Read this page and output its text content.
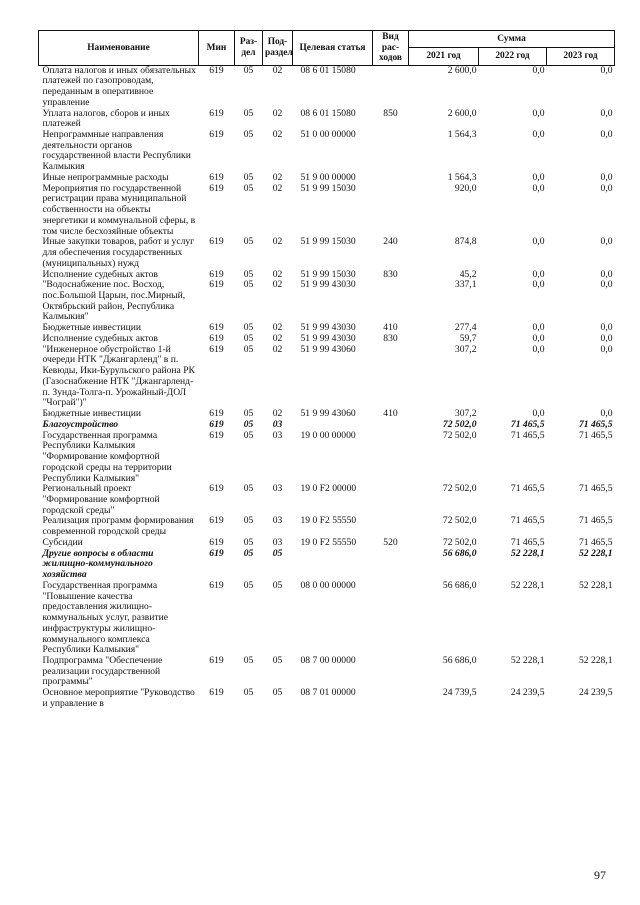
Наименование	Мин	Раз-дел	Под-раздел	Целевая статья	Вид рас-ходов	Сумма		
						2021 год	2022 год	2023 год
Оплата налогов и иных обязательных платежей по газопроводам, переданным в оперативное управление	619	05	02	08 6 01 15080		2 600,0	0,0	0,0
Уплата налогов, сборов и иных платежей	619	05	02	08 6 01 15080	850	2 600,0	0,0	0,0
Непрограммные направления деятельности органов государственной власти Республики Калмыкия	619	05	02	51 0 00 00000		1 564,3	0,0	0,0
Иные непрограммные расходы	619	05	02	51 9 00 00000		1 564,3	0,0	0,0
Мероприятия по государственной регистрации права муниципальной собственности на объекты энергетики и коммунальной сферы, в том числе бесхозяйные объекты	619	05	02	51 9 99 15030		920,0	0,0	0,0
Иные закупки товаров, работ и услуг для обеспечения государственных (муниципальных) нужд	619	05	02	51 9 99 15030	240	874,8	0,0	0,0
Исполнение судебных актов	619	05	02	51 9 99 15030	830	45,2	0,0	0,0
"Водоснабжение пос. Восход, пос.Большой Царын, пос.Мирный, Октябрьский район, Республика Калмыкия"	619	05	02	51 9 99 43030		337,1	0,0	0,0
Бюджетные инвестиции	619	05	02	51 9 99 43030	410	277,4	0,0	0,0
Исполнение судебных актов	619	05	02	51 9 99 43030	830	59,7	0,0	0,0
"Инженерное обустройство 1-й очереди НТК "Джангарленд" в п. Кевюды, Ики-Бурульского района РК (Газоснабжение НТК "Джангарленд-п. Зунда-Толга-п. Урожайный-ДОЛ "Чограй")"	619	05	02	51 9 99 43060		307,2	0,0	0,0
Бюджетные инвестиции	619	05	02	51 9 99 43060	410	307,2	0,0	0,0
Благоустройство	619	05	03			72 502,0	71 465,5	71 465,5
Государственная программа Республики Калмыкия "Формирование комфортной городской среды на территории Республики Калмыкия"	619	05	03	19 0 00 00000		72 502,0	71 465,5	71 465,5
Региональный проект "Формирование комфортной городской среды"	619	05	03	19 0 F2 00000		72 502,0	71 465,5	71 465,5
Реализация программ формирования современной городской среды	619	05	03	19 0 F2 55550		72 502,0	71 465,5	71 465,5
Субсидии	619	05	03	19 0 F2 55550	520	72 502,0	71 465,5	71 465,5
Другие вопросы в области жилищно-коммунального хозяйства	619	05	05			56 686,0	52 228,1	52 228,1
Государственная программа "Повышение качества предоставления жилищно-коммунальных услуг, развитие инфраструктуры жилищно-коммунального комплекса Республики Калмыкия"	619	05	05	08 0 00 00000		56 686,0	52 228,1	52 228,1
Подпрограмма "Обеспечение реализации государственной программы"	619	05	05	08 7 00 00000		56 686,0	52 228,1	52 228,1
Основное мероприятие "Руководство и управление в	619	05	05	08 7 01 00000		24 739,5	24 239,5	24 239,5
97
